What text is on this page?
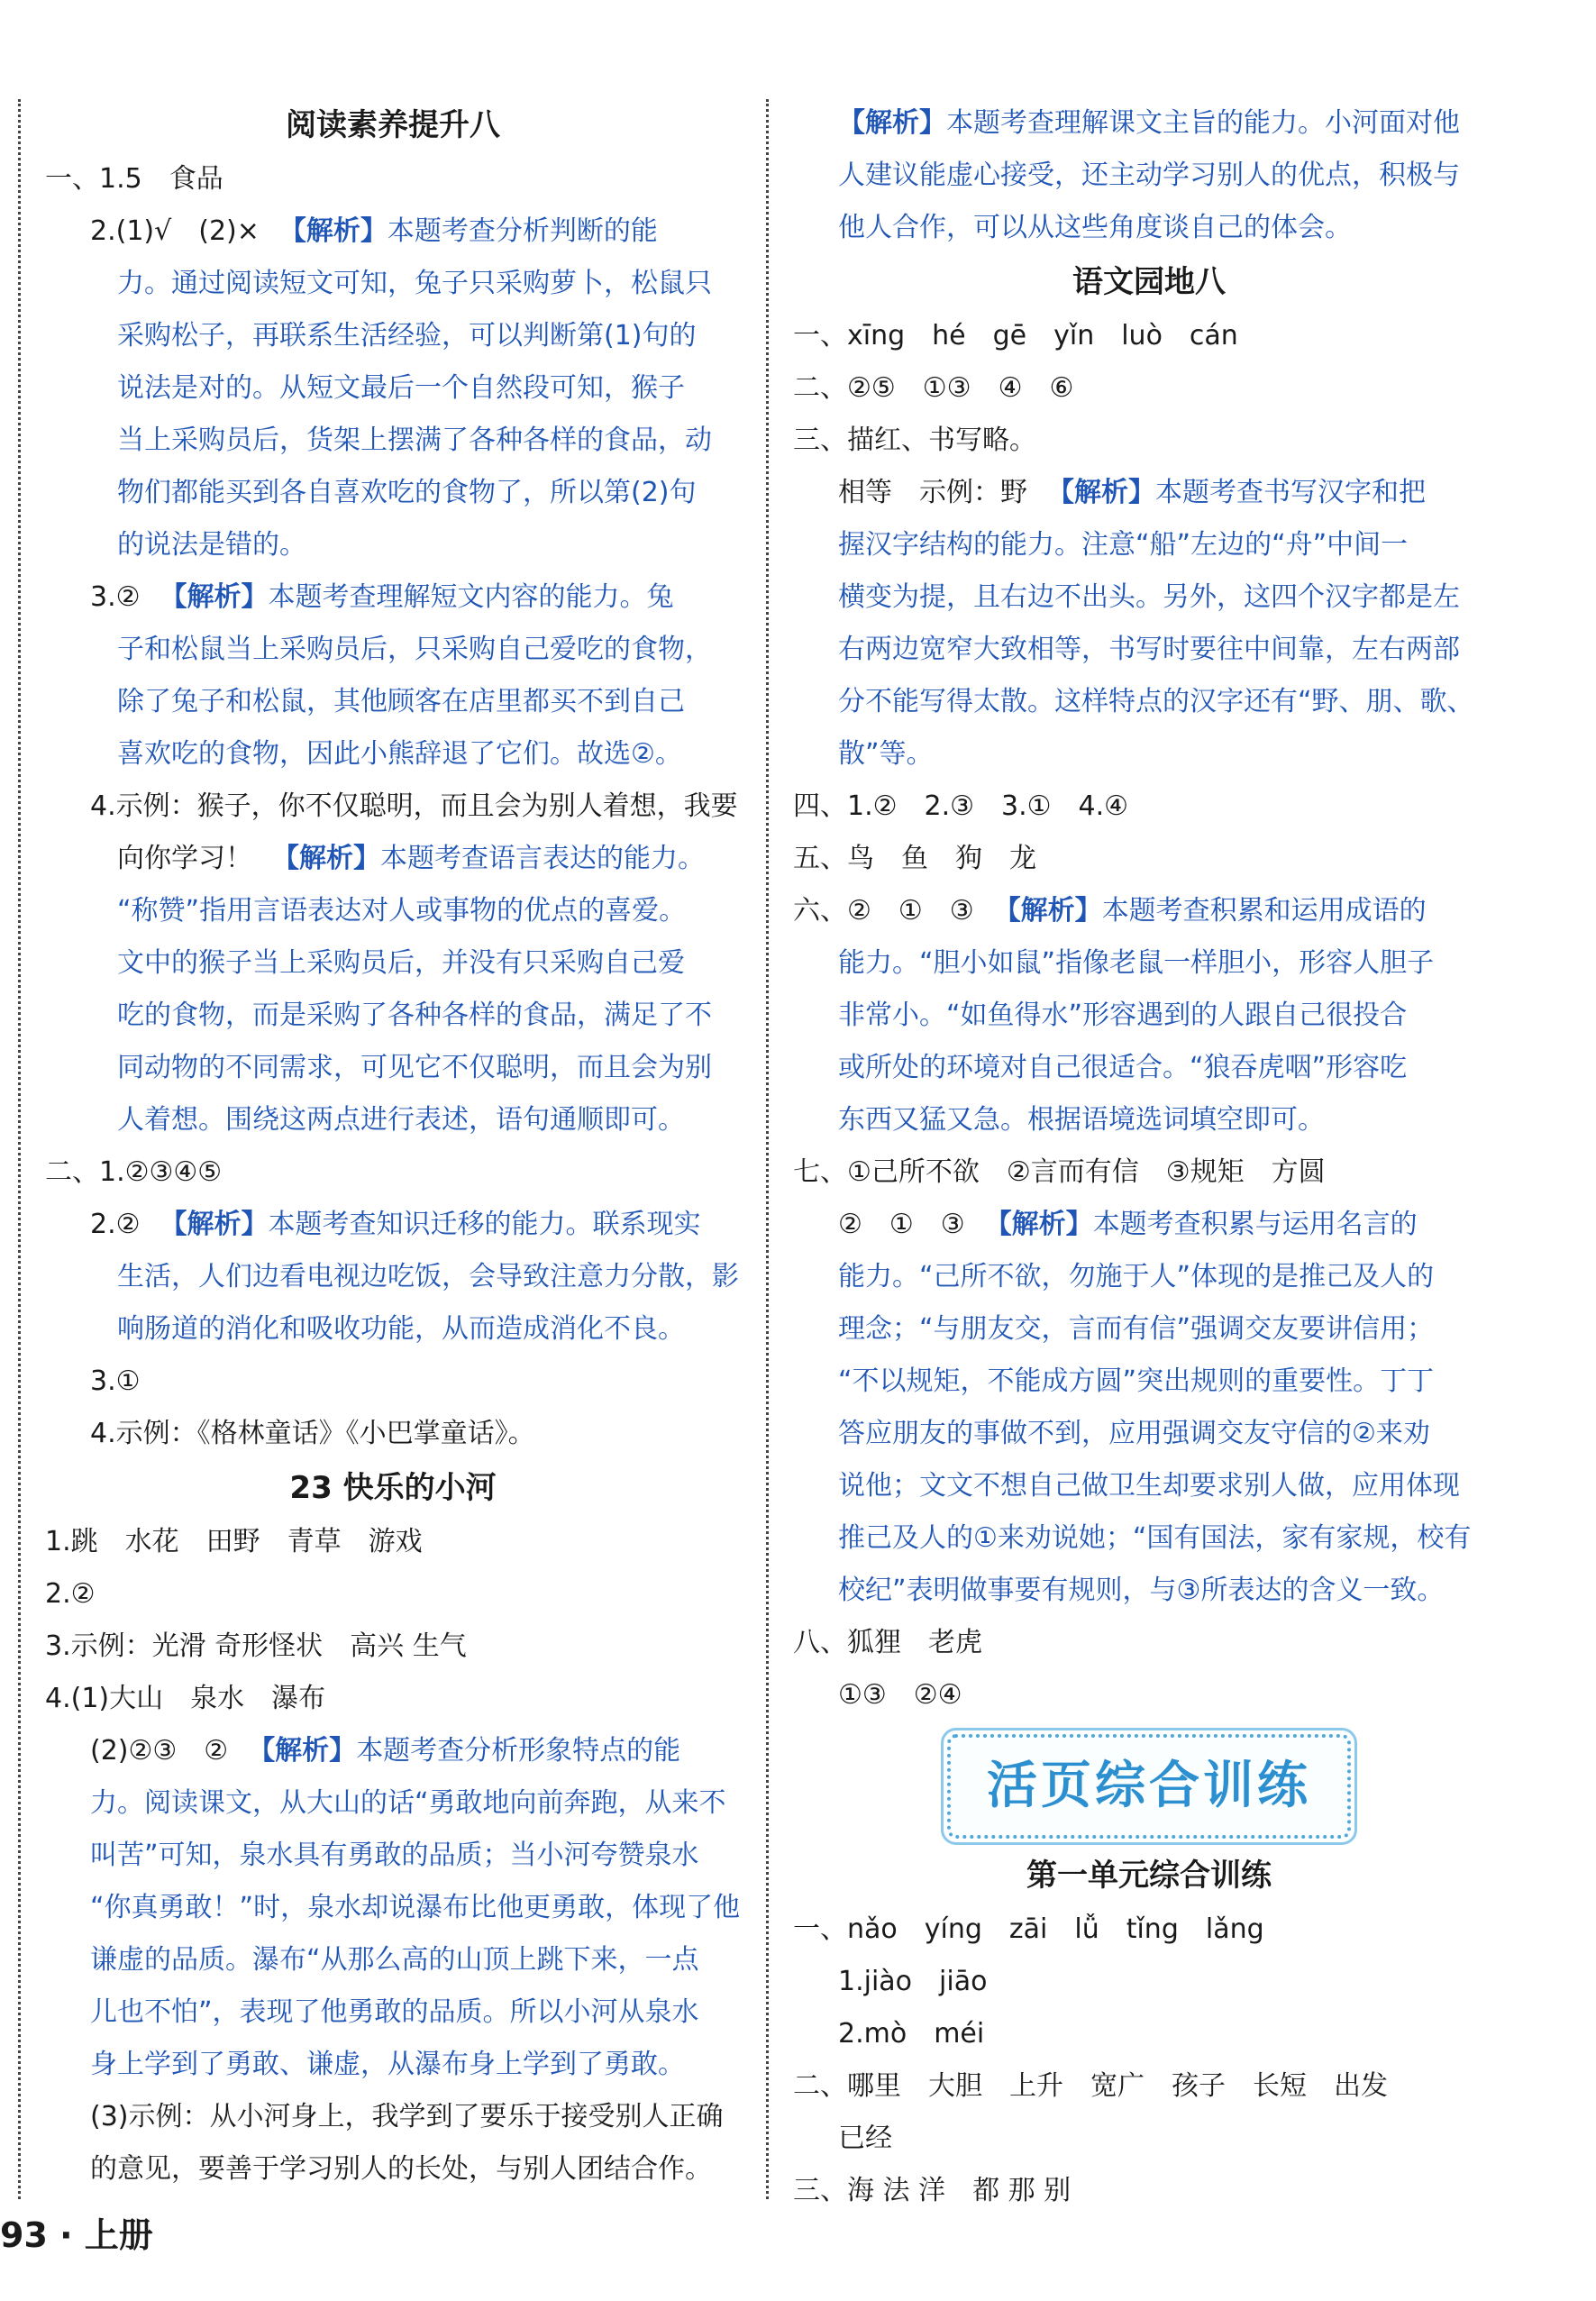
阅读素养提升八
一、1.5　食品
2.(1)√　(2)× 【解析】本题考查分析判断的能
力。通过阅读短文可知，兔子只采购萝卜，松鼠只
采购松子，再联系生活经验，可以判断第(1)句的
说法是对的。从短文最后一个自然段可知，猴子
当上采购员后，货架上摆满了各种各样的食品，动
物们都能买到各自喜欢吃的食物了，所以第(2)句
的说法是错的。
3.② 【解析】本题考查理解短文内容的能力。兔
子和松鼠当上采购员后，只采购自己爱吃的食物，
除了兔子和松鼠，其他顾客在店里都买不到自己
喜欢吃的食物，因此小熊辞退了它们。故选②。
4.示例：猴子，你不仅聪明，而且会为别人着想，我要
向你学习！ 【解析】本题考查语言表达的能力。
“称赞”指用言语表达对人或事物的优点的喜爱。
文中的猴子当上采购员后，并没有只采购自己爱
吃的食物，而是采购了各种各样的食品，满足了不
同动物的不同需求，可见它不仅聪明，而且会为别
人着想。围绕这两点进行表述，语句通顺即可。
二、1.②③④⑤
2.② 【解析】本题考查知识迁移的能力。联系现实
生活，人们边看电视边吃饭，会导致注意力分散，影
响肠道的消化和吸收功能，从而造成消化不良。
3.①
4.示例：《格林童话》《小巴掌童话》。
23 快乐的小河
1.跳　水花　田野　青草　游戏
2.②
3.示例：光滑 奇形怪状　高兴 生气
4.(1)大山　泉水　瀑布
(2)②③　② 【解析】本题考查分析形象特点的能
力。阅读课文，从大山的话“勇敢地向前奔跑，从来不
叫苦”可知，泉水具有勇敢的品质；当小河夸赞泉水
“你真勇敢！”时，泉水却说瀑布比他更勇敢，体现了他
谦虚的品质。瀑布“从那么高的山顶上跳下来，一点
儿也不怕”，表现了他勇敢的品质。所以小河从泉水
身上学到了勇敢、谦虚，从瀑布身上学到了勇敢。
(3)示例：从小河身上，我学到了要乐于接受别人正确
的意见，要善于学习别人的长处，与别人团结合作。
【解析】本题考查理解课文主旨的能力。小河面对他
人建议能虚心接受，还主动学习别人的优点，积极与
他人合作，可以从这些角度谈自己的体会。
语文园地八
一、xīng　hé　gē　yǐn　luò　cán
二、②⑤　①③　④　⑥
三、描红、书写略。
相等　示例：野 【解析】本题考查书写汉字和把
握汉字结构的能力。注意“船”左边的“舟”中间一
横变为提，且右边不出头。另外，这四个汉字都是左
右两边宽窄大致相等，书写时要往中间靠，左右两部
分不能写得太散。这样特点的汉字还有“野、朋、歌、
散”等。
四、1.②　2.③　3.①　4.④
五、鸟　鱼　狗　龙
六、②　①　③ 【解析】本题考查积累和运用成语的
能力。“胆小如鼠”指像老鼠一样胆小，形容人胆子
非常小。“如鱼得水”形容遇到的人跟自己很投合
或所处的环境对自己很适合。“狼吞虎咽”形容吃
东西又猛又急。根据语境选词填空即可。
七、①己所不欲　②言而有信　③规矩　方圆
②　①　③ 【解析】本题考查积累与运用名言的
能力。“己所不欲，勿施于人”体现的是推己及人的
理念；“与朋友交，言而有信”强调交友要讲信用；
“不以规矩，不能成方圆”突出规则的重要性。丁丁
答应朋友的事做不到，应用强调交友守信的②来劝
说他；文文不想自己做卫生却要求别人做，应用体现
推己及人的①来劝说她；“国有国法，家有家规，校有
校纪”表明做事要有规则，与③所表达的含义一致。
八、狐狸　老虎
①③　②④
活页综合训练
第一单元综合训练
一、nǎo　yíng　zāi　lǚ　tǐng　lǎng
1.jiào　jiāo
2.mò　méi
二、哪里　大胆　上升　宽广　孩子　长短　出发
已经
三、海 法 洋　都 那 别
93 · 上册
